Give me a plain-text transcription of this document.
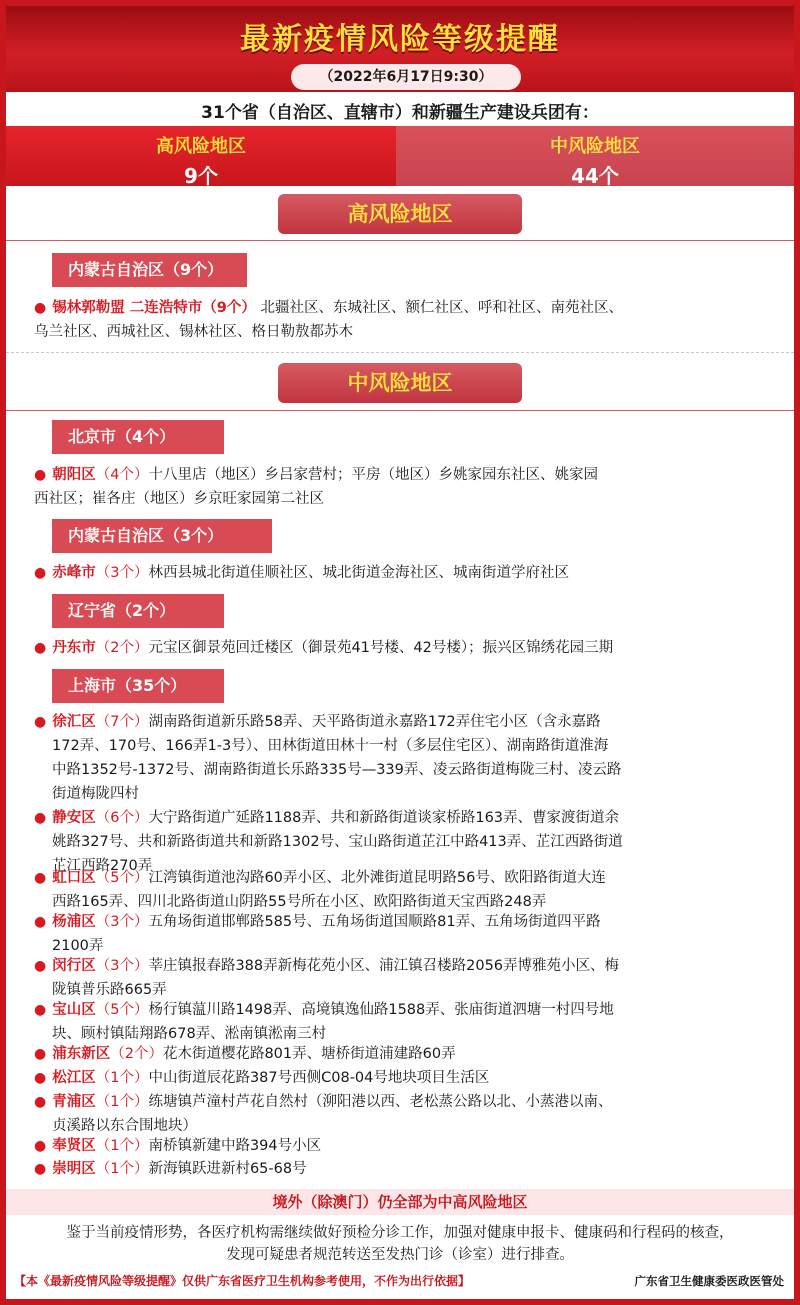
最新疫情风险等级提醒
（2022年6月17日9:30）
31个省（自治区、直辖市）和新疆生产建设兵团有：
高风险地区
9个
中风险地区
44个
高风险地区
内蒙古自治区（9个）
● 锡林郭勒盟 二连浩特市（9个） 北疆社区、东城社区、额仁社区、呼和社区、南苑社区、
乌兰社区、西城社区、锡林社区、格日勒敖都苏木
中风险地区
北京市（4个）
● 朝阳区（4个）十八里店（地区）乡吕家营村；平房（地区）乡姚家园东社区、姚家园
西社区；崔各庄（地区）乡京旺家园第二社区
内蒙古自治区（3个）
● 赤峰市（3个）林西县城北街道佳顺社区、城北街道金海社区、城南街道学府社区
辽宁省（2个）
● 丹东市（2个）元宝区御景苑回迁楼区（御景苑41号楼、42号楼）；振兴区锦绣花园三期
上海市（35个）
● 徐汇区（7个）湖南路街道新乐路58弄、天平路街道永嘉路172弄住宅小区（含永嘉路
172弄、170号、166弄1-3号）、田林街道田林十一村（多层住宅区）、湖南路街道淮海
中路1352号-1372号、湖南路街道长乐路335号—339弄、凌云路街道梅陇三村、凌云路
街道梅陇四村
● 静安区（6个）大宁路街道广延路1188弄、共和新路街道谈家桥路163弄、曹家渡街道余
姚路327号、共和新路街道共和新路1302号、宝山路街道芷江中路413弄、芷江西路街道
芷江西路270弄
● 虹口区（5个）江湾镇街道池沟路60弄小区、北外滩街道昆明路56号、欧阳路街道大连
西路165弄、四川北路街道山阴路55号所在小区、欧阳路街道天宝西路248弄
● 杨浦区（3个）五角场街道邯郸路585号、五角场街道国顺路81弄、五角场街道四平路
2100弄
● 闵行区（3个）莘庄镇报春路388弄新梅花苑小区、浦江镇召楼路2056弄博雅苑小区、梅
陇镇普乐路665弄
● 宝山区（5个）杨行镇蕰川路1498弄、高境镇逸仙路1588弄、张庙街道泗塘一村四号地
块、顾村镇陆翔路678弄、淞南镇淞南三村
● 浦东新区（2个）花木街道樱花路801弄、塘桥街道浦建路60弄
● 松江区（1个）中山街道辰花路387号西侧C08-04号地块项目生活区
● 青浦区（1个）练塘镇芦潼村芦花自然村（泖阳港以西、老松蒸公路以北、小蒸港以南、
贞溪路以东合围地块）
● 奉贤区（1个）南桥镇新建中路394号小区
● 崇明区（1个）新海镇跃进新村65-68号
境外（除澳门）仍全部为中高风险地区
鉴于当前疫情形势，各医疗机构需继续做好预检分诊工作，加强对健康申报卡、健康码和行程码的核查，
发现可疑患者规范转送至发热门诊（诊室）进行排查。
【本《最新疫情风险等级提醒》仅供广东省医疗卫生机构参考使用，不作为出行依据】	广东省卫生健康委医政医管处
